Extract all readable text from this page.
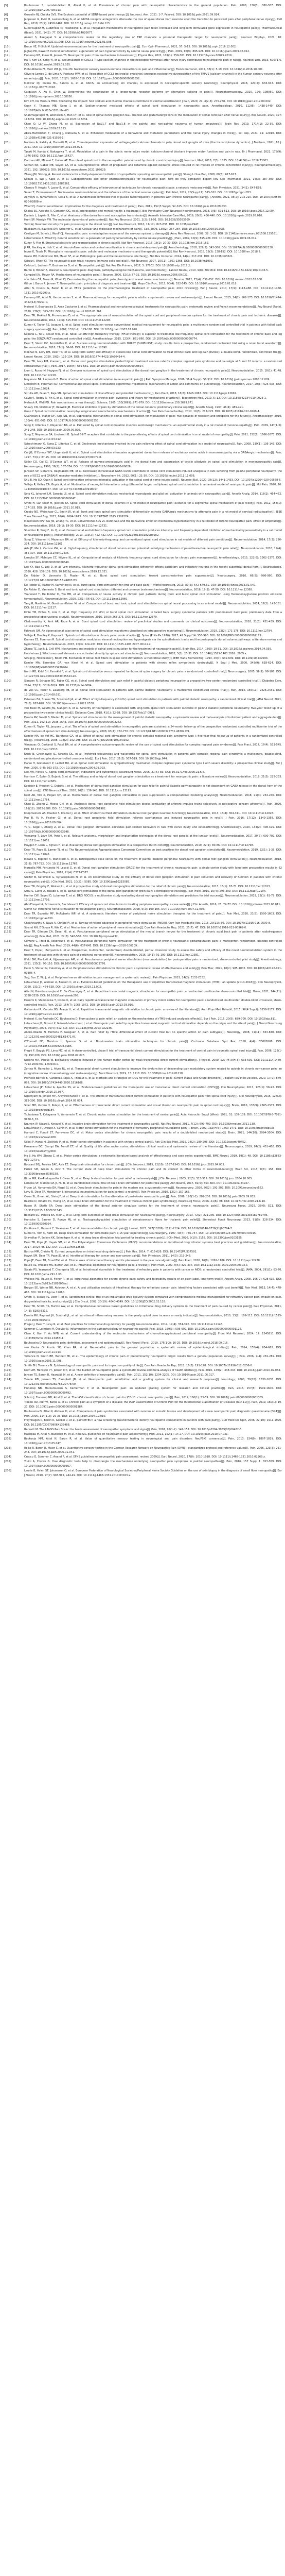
[5]	Boulanouar S, Lamdeb-Mitali M, Abaid K, et al. Prevalence of chronic pain with neuropathic characteristics in the general population. Pain, 2008, 136(3): 380-387. DOI: 10.1016/j.pain.2007.08.013.
[6]	Gosselin RJ, Chakka SVS. The Ecotoxic potential of SDNF-based pain therapy [J]. Neurosci, Ann. 2021: 1-7. Pain-ed. DOI: 10.1016/j.pain.2021.09.014.
[7]	Jeppesen G, Kvid M, Lauterschlag G, et al. NMDA receptor antagonists attenuate the loss of spinal dorsal horn neurons upon the transition to persistent pain after peripheral nerve injury[J]. Cell Rep, 2018, 23(9): 2458-2467. DOI: 10.1016/j.celrep.2018.04.123.
[8]	Kucer-Kupisz M, Cudzińska M, Paszkowski Ł, et al. Pregabalin mechanisms of neuropathic pain relief. Increased and long-term stimulated gene expression in neuropathic pain[J]. Pharmaceutical (Basel), 2021, 14(2): 77. DOI: 10.3390/ph14020077.
[9]	Anand S, Raegapal S. A comprehensive review on the regulatory role of TRP channels: a potential therapeutic target for neuropathic pain[J]. Neurosci Biophys, 2021, 18: 10.1016/j.neurot.2021.01.008. DOI: 10.1016/j.neurot.2021.01.008.
[10]	Braun HE, Frölich M. Updated recommendations for the treatment of neuropathic pain[J]. Curr Opin Pharmacol, 2021, 57: 5-15. DOI: 10.1016/j.coph.2016.12.002.
[11]	Jagtap PR, Rawat P. Central sensitization: a generator of pain hypersensitivity by central neural plasticity[J]. J Pain, 2009, 10(9): 895-926. DOI: 10.1016/j.jpain.2009.06.012.
[12]	Finnerup NB, Kuner R, Jensen TS. Neuropathic pain: from mechanisms to treatment[J]. Physiol Rev, 2021, 101(1): 259-301. DOI: 10.1152/physrev.00045.2019.
[13]	Ha P, Kim CY, Kang YJ, et al. Accumulation of Cav2.3 T-type calcium channels in the nociceptor terminals after nerve injury contributes to neuropathic pain in rats[J]. Neurosci Lett, 2015, 600: 1-6. DOI: 10.1016/j.neulet.2015.05.035.
[14]	Pinho-Ribeiro FA, Verri WA Jr, Chiu IM. Nociceptor sensory neuron-immune interactions in pain and inflammation[J]. Trends Immunol, 2017, 38(1): 5-19. DOI: 10.1016/j.it.2016.10.001.
[15]	Oliveira-Lemos G, de Lima-A, Fontana-MW, et al. Regulation of CCL3 (microglial cytokines) produces nociceptive dysregulation of the TRPV1 (calcium-channel) in the human sensory neurons after nerve injury[J]. Pain, 2020, 161(7): 1605-1618. DOI: 10.1097/j.pain.0000000000001852.
[16]	Mellivar DJ, Rivera ML, Santos A, et al. ASICS, an acid-sensing ion channel, is expressed in nociceptor-specific sensory neurons[J]. Neurophysiol, 2018, 120(2): 633-643. DOI: 10.1152/jn.00078.2018.
[17]	Calguyan A, Xu JJ, Chen W. Determining the contribution of a longer-range receptor isoforms by alternative splicing in pain[J]. Neuropharmacology, 2020, 170: 108050. DOI: 10.1016/j.neuropharm.2020.108050.
[18]	Kim CH, De Ventura HMR. Sheltering the impact: how sodium and chloride channels contribute to central sensitization? J Pain, 2020, 21: 4(2-3): 275-288. DOI: 10.1016/j.jpain.2019.09.002.
[19]	Guan Y, Thomas MB, Song J, et al. Sodium-channel mediated effects of spinal cord stimulation in neuropathic pain, Anesthesiology, 2010, 112(6): 1438-1449. DOI: 10.1097/ALN.0b013e3181d8ee03.
[20]	Shanmugarajah M, Weinstein A, Han CY, et al. Role of spinal nerve ganglion Na+ channel and glutamatergic ions in the modulation of spinal cord pain after nerve injury[J]. Exp Neurol, 2020, 327: 113234. DOI: 10.1016/j.expneurol.2020.113234.
[21]	Chen Q, Li W, Zhang M, et al. Expression of Nav1.7 and Nav1.8 in the painful and non-painful neuroma of human amputees[J]. Brain Res, 2019, 1714(1): 22-30. DOI: 10.1016/j.brainres.2019.02.023.
[22]	Abiru-Hambleton T, Chiang J, Matsuda S, et al. Enhanced modulation of a behavioral and metabolic parameters and the nerve injury changes in mice[J]. Sci Rep, 2021, 11: 12010. DOI: 10.1038/s41598-021-91590-1.
[23]	Nabisou A, Kalaky A, Dornetti M, et al. Time-dependent expression of voltage-gated calcium channels in pain dorsal root ganglia of mice (the transcriptome dynamics). J Biochem, 2021, 10 J: 2021. DOI: 10.1016/j.ibiochem.2021.03.024.
[24]	Tasaki M, Kanda Y, Nakagawa T, et al. Modulation of a pain in the sciatic nerve injury model: calcium-channel blockers improve motor function and pain in rats. Br J Pharmacol, 2021, 178(9): 1976-1992. DOI: 10.1111/bph.15427.
[25]	Darmani AH, Mirzaei F, Halimi AT. The role of spinal cord in the neuropathic pain induced by chronic constriction injury[J]. Neurosci, Med, 2016, 7(3): 1025. DOI: 10.4236/nm.2016.73003.
[26]	Sarhan RN, Gaber ME, Sayed ZA, et al. Neuroprotective effect of pregabalin and ketamine against oxidative stress induced in rat models of chronic constriction injury[J]. Neuropharmacology, 2021, 192: 108629. DOI: 10.1016/j.neuropharm.2021.108629.
[27]	Zhang JM, Strong JA. Recent evidence for activity-dependent initiation of sympathetic sprouting and neuropathic pain[J]. Sheng Li Xue Bao, 2008, 60(5): 617-627.
[28]	Kabadi R, Wu J, Kapil A, et al. Gabapentinoids and other pharmacotherapies for neuropathic pain: how do they compare? Expert Rev Clin Pharmacol, 2021, 14(3): 287-300. DOI: 10.1080/17512433.2021.1885361.
[29]	Chenoy P, Hewitt P, Lacey B, et al. Comparative efficacy of interventional techniques for chronic neuropathic pain: a network meta-analysis[J]. Pain Physician, 2021, 24(1): E47-E69.
[30]	Sauer T, Zimmermann C. Noninvasive neuromodulation and the influence of the central nervous system[J]. Pain Med, 2019, 20(Suppl 1): S15-S22. DOI: 10.1093/pm/pnz053.
[31]	Akiyoshi R, Yamamoto N, Ueda K, et al. A randomized controlled trial of pulsed radiofrequency in patients with chronic neuropathic pain[J]. J Anesth, 2021, 35(2): 203-210. DOI: 10.1007/s00540-020-02888-w.
[32]	Woolf CJ. Central sensitization: implications for the diagnosis and treatment of pain[J]. Pain, 2011, 152(3 Suppl): S2-S15. DOI: 10.1016/j.pain.2010.09.030.
[33]	Khalsa SS, Adolphs R, Cameron OG, et al. Interoception and mental health: a roadmap[J]. Biol Psychiatry Cogn Neurosci Neuroimaging, 2018, 3(6): 501-513. DOI: 10.1016/j.bpsc.2017.12.004.
[34]	Daniels L, Lapkin S, Fifer C, et al. Anatomy of the dorsal horn and nociceptive transmission[J]. Anaesth Intensive Care Med, 2019, 20(8): 436-440. DOI: 10.1016/j.mpaic.2019.05.010.
[35]	Hunt SP, Mantyh PW. The molecular dynamics of pain control[J]. Nat Rev Neurosci, 2001, 2(2): 83-91. DOI: 10.1038/35053509.
[36]	Todd AJ. Neuronal circuitry for pain processing in the dorsal horn[J]. Nat Rev Neurosci, 2010, 11(12): 823-836. DOI: 10.1038/nrn2947.
[37]	Basbaum AI, Bautista DM, Scherrer G, et al. Cellular and molecular mechanisms of pain[J]. Cell, 2009, 139(2): 267-284. DOI: 10.1016/j.cell.2009.09.028.
[38]	Costigan M, Scholz J, Woolf CJ. Neuropathic pain: a maladaptive response of the nervous system to damage[J]. Annu Rev Neurosci, 2009, 32: 1-32. DOI: 10.1146/annurev.neuro.051508.135531.
[39]	Latremoliere A, Woolf CJ. Central sensitization: a generator of pain hypersensitivity by central neural plasticity[J]. J Pain, 2009, 10(9): 895-926. DOI: 10.1016/j.jpain.2009.06.012.
[40]	Kuner R, Flor H. Structural plasticity and reorganisation in chronic pain[J]. Nat Rev Neurosci, 2016, 18(1): 20-30. DOI: 10.1038/nrn.2016.162.
[41]	Ji RR, Nackley A, Huh Y, et al. Neuroinflammation and central sensitization in chronic and widespread pain[J]. Anesthesiology, 2018, 129(2): 343-366. DOI: 10.1097/ALN.0000000000002130.
[42]	Inoue K, Tsuda M. Microglia in neuropathic pain: cellular and molecular mechanisms and therapeutic potential[J]. Nat Rev Neurosci, 2018, 19(3): 138-152. DOI: 10.1038/nrn.2018.2.
[43]	Grace PM, Hutchinson MR, Maier SF, et al. Pathological pain and the neuroimmune interface[J]. Nat Rev Immunol, 2014, 14(4): 217-231. DOI: 10.1038/nri3621.
[44]	Scholz J, Woolf CJ. The neuropathic pain triad: neurons, immune cells and glia[J]. Nat Neurosci, 2007, 10(11): 1361-1368. DOI: 10.1038/nn1992.
[45]	Colloca L, Ludman T, Bouhassira D, et al. Neuropathic pain[J]. Nat Rev Dis Primers, 2017, 3: 17002. DOI: 10.1038/nrdp.2017.2.
[46]	Baron R, Binder A, Wasner G. Neuropathic pain: diagnosis, pathophysiological mechanisms, and treatment[J]. Lancet Neurol, 2010, 9(8): 807-819. DOI: 10.1016/S1474-4422(10)70143-5.
[47]	Campbell JN, Meyer RA. Mechanisms of neuropathic pain[J]. Neuron, 2006, 52(1): 77-92. DOI: 10.1016/j.neuron.2006.09.021.
[48]	von Hehn CA, Baron R, Woolf CJ. Deconstructing the neuropathic pain phenotype to reveal neural mechanisms[J]. Neuron, 2012, 73(4): 638-652. DOI: 10.1016/j.neuron.2012.02.008.
[49]	Gilron I, Baron R, Jensen T. Neuropathic pain: principles of diagnosis and treatment[J]. Mayo Clin Proc, 2015, 90(4): 532-545. DOI: 10.1016/j.mayocp.2015.01.018.
[50]	Attal N, Cruccu G, Baron R, et al. EFNS guidelines on the pharmacological treatment of neuropathic pain: 2010 revision[J]. Eur J Neurol, 2010, 17(9): 1113-e88. DOI: 10.1111/j.1468-1331.2010.02999.x.
[51]	Finnerup NB, Attal N, Haroutounian S, et al. Pharmacotherapy for neuropathic pain in adults: a systematic review and meta-analysis[J]. Lancet Neurol, 2015, 14(2): 162-173. DOI: 10.1016/S1474-4422(14)70251-0.
[52]	Moisset X, Bouhassira D, Avez Couturier J, et al. Pharmacological and non-pharmacological treatments for neuropathic pain: systematic review and French recommendations[J]. Rev Neurol (Paris), 2020, 176(5): 325-352. DOI: 10.1016/j.neurol.2020.01.361.
[53]	Deer TR, Mekhail N, Provenzano D, et al. The appropriate use of neurostimulation of the spinal cord and peripheral nervous system for the treatment of chronic pain and ischemic diseases[J]. Neuromodulation, 2014, 17(6): 515-550. DOI: 10.1111/ner.12208.
[54]	Kumar K, Taylor RS, Jacques L, et al. Spinal cord stimulation versus conventional medical management for neuropathic pain: a multicentre randomised controlled trial in patients with failed back surgery syndrome[J]. Pain, 2007, 132(1-2): 179-188. DOI: 10.1016/j.pain.2007.07.028.
[55]	Kapural L, Yu C, Doust MW, et al. Novel 10-kHz high-frequency therapy (HF10 therapy) is superior to traditional low-frequency spinal cord stimulation for the treatment of chronic back and leg pain: the SENZA-RCT randomized controlled trial[J]. Anesthesiology, 2015, 123(4): 851-860. DOI: 10.1097/ALN.0000000000000774.
[56]	Deer T, Slavin KV, Amirdelfan K, et al. Success using neuromodulation with BURST (SUNBURST) study: results from a prospective, randomized controlled trial using a novel burst waveform[J]. Neuromodulation, 2018, 21(1): 56-66. DOI: 10.1111/ner.12698.
[57]	Mekhail N, Levy RM, Deer TR, et al. Long-term safety and efficacy of closed-loop spinal cord stimulation to treat chronic back and leg pain (Evoke): a double-blind, randomised, controlled trial[J]. Lancet Neurol, 2020, 19(2): 123-134. DOI: 10.1016/S1474-4422(19)30414-4.
[58]	Deer TR, Levy RM, Kramer J, et al. Dorsal root ganglion stimulation yielded higher treatment success rate for complex regional pain syndrome and causalgia at 3 and 12 months: a randomized comparative trial[J]. Pain, 2017, 158(4): 669-681. DOI: 10.1097/j.pain.0000000000000814.
[59]	Liem L, Russo M, Huygen FJ, et al. One-year outcomes of spinal cord stimulation of the dorsal root ganglion in the treatment of chronic neuropathic pain[J]. Neuromodulation, 2015, 18(1): 41-48. DOI: 10.1111/ner.12228.
[60]	Meyerson BA, Linderoth B. Mode of action of spinal cord stimulation in neuropathic pain[J]. J Pain Symptom Manage, 2006, 31(4 Suppl): S6-S12. DOI: 10.1016/j.jpainsymman.2005.12.009.
[61]	Linderoth B, Foreman RD. Conventional and novel spinal stimulation algorithms: hypothetical mechanisms of action and comments on outcomes[J]. Neuromodulation, 2017, 20(6): 525-533. DOI: 10.1111/ner.12624.
[62]	Sdrulla AD, Guan Y, Raja SN. Spinal cord stimulation: clinical efficacy and potential mechanisms[J]. Pain Pract, 2018, 18(8): 1048-1067. DOI: 10.1111/papr.12692.
[63]	Caylor J, Reddy R, Yin S, et al. Spinal cord stimulation in chronic pain: evidence and theory for mechanisms of action[J]. Bioelectron Med, 2019, 5: 12. DOI: 10.1186/s42234-019-0023-1.
[64]	Melzack R, Wall PD. Pain mechanisms: a new theory[J]. Science, 1965, 150(3699): 971-979. DOI: 10.1126/science.150.3699.971.
[65]	Shealy CN, Mortimer JT, Reswick JB. Electrical inhibition of pain by stimulation of the dorsal columns: preliminary clinical report[J]. Anesth Analg, 1967, 46(4): 489-491.
[66]	Guan Y. Spinal cord stimulation: neurophysiological and neurochemical mechanisms of action[J]. Curr Pain Headache Rep, 2012, 16(3): 217-225. DOI: 10.1007/s11916-012-0260-4.
[67]	Sivanesan E, Maher DP, Raja SN, et al. Supraspinal mechanisms of spinal cord stimulation for modulation of pain: five decades of research and prospects for the future[J]. Anesthesiology, 2019, 130(4): 651-665. DOI: 10.1097/ALN.0000000000002353.
[68]	Song Z, Ultenius C, Meyerson BA, et al. Pain relief by spinal cord stimulation involves serotonergic mechanisms: an experimental study in a rat model of mononeuropathy[J]. Pain, 2009, 147(1-3): 241-248. DOI: 10.1016/j.pain.2009.09.020.
[69]	Song Z, Meyerson BA, Linderoth B. Spinal 5-HT receptors that contribute to the pain-relieving effects of spinal cord stimulation in a rat model of neuropathy[J]. Pain, 2011, 152(7): 1666-1673. DOI: 10.1016/j.pain.2011.03.012.
[70]	Schechtmann G, Song Z, Ultenius C, et al. Cholinergic mechanisms involved in the pain relieving effect of spinal cord stimulation in a model of neuropathy[J]. Pain, 2008, 139(1): 136-145. DOI: 10.1016/j.pain.2008.03.023.
[71]	Cui JG, O'Connor WT, Ungerstedt U, et al. Spinal cord stimulation attenuates augmented dorsal horn release of excitatory amino acids in mononeuropathy via a GABAergic mechanism[J]. Pain, 1997, 73(1): 87-95. DOI: 10.1016/s0304-3959(97)00077-8.
[72]	Stiller CO, Cui JG, O'Connor WT, et al. Release of gamma-aminobutyric acid in the dorsal horn and suppression of tactile allodynia by spinal cord stimulation in mononeuropathic rats[J]. Neurosurgery, 1996, 39(2): 367-374. DOI: 10.1097/00006123-199608000-00026.
[73]	Janssen SP, Gerard S, Raijmakers ME, et al. Decreased intracellular GABA levels contribute to spinal cord stimulation-induced analgesia in rats suffering from painful peripheral neuropathy: the role of KCC2 and GABA(A) receptor-mediated inhibition[J]. Neurochem Int, 2012, 60(1): 21-30. DOI: 10.1016/j.neuint.2011.11.006.
[74]	Shu B, He SQ, Guan Y. Spinal cord stimulation enhances microglial activation in the spinal cord of nerve-injured rats[J]. Neurosci Bull, 2020, 36(12): 1441-1453. DOI: 10.1007/s12264-020-00568-6.
[75]	Vallejo R, Kelley CA, Gupta A, et al. Modulation of neuroglial interactions using differential target multiplexed spinal cord stimulation in an animal model of neuropathic pain[J]. Mol Pain, 2020, 16: 1744806920918057. DOI: 10.1177/1744806920918057.
[76]	Sato KL, Johanek LM, Sanada LS, et al. Spinal cord stimulation reduces mechanical hyperalgesia and glial cell activation in animals with neuropathic pain[J]. Anesth Analg, 2014, 118(2): 464-472. DOI: 10.1213/ANE.0000000000000047.
[77]	Smits H, van Kleef M, Joosten EA. Spinal cord stimulation of dorsal columns in a rat model of neuropathic pain: evidence for a segmental spinal mechanism of pain relief[J]. Pain, 2012, 153(1): 177-183. DOI: 10.1016/j.pain.2011.10.015.
[78]	Crosby ND, Weisshaar CL, Smith JR, et al. Burst and tonic spinal cord stimulation differentially activate GABAergic mechanisms to attenuate pain in a rat model of cervical radiculopathy[J]. IEEE Trans Biomed Eng, 2015, 62(6): 1604-1613. DOI: 10.1109/TBME.2015.2399374.
[79]	Meuwissen KPV, Gu JW, Zhang TC, et al. Conventional-SCS vs. burst-SCS and the behavioral effect on mechanical hypersensitivity in a rat model of chronic neuropathic pain: effect of amplitude[J]. Neuromodulation, 2018, 21(1): 19-30. DOI: 10.1111/ner.12731.
[80]	Shechter R, Yang F, Xu Q, et al. Conventional and kilohertz-frequency spinal cord stimulation produces intensity- and frequency-dependent inhibition of mechanical hypersensitivity in a rat model of neuropathic pain[J]. Anesthesiology, 2013, 119(2): 422-432. DOI: 10.1097/ALN.0b013e31829bd9e2.
[81]	Song Z, Viisanen H, Meyerson BA, et al. Efficacy of kilohertz-frequency and conventional spinal cord stimulation in rat models of different pain conditions[J]. Neuromodulation, 2014, 17(3): 226-234. DOI: 10.1111/ner.12161.
[82]	Arle JE, Mei L, Carlson KW, et al. High-frequency stimulation of dorsal column axons: potential underlying mechanism of paresthesia-free neuropathic pain relief[J]. Neuromodulation, 2016, 19(4): 385-397. DOI: 10.1111/ner.12436.
[83]	Lempka SF, McIntyre CC, Kilgore KL, et al. Computational analysis of kilohertz frequency spinal cord stimulation for chronic pain management[J]. Anesthesiology, 2015, 122(6): 1362-1376. DOI: 10.1097/ALN.0000000000000649.
[84]	Lee KY, Bae C, Lee D, et al. Low-intensity, kilohertz frequency spinal cord stimulation differently affects excitatory and inhibitory neurons in the rodent superficial dorsal horn[J]. Neuroscience, 2020, 428: 132-139. DOI: 10.1016/j.neuroscience.2019.12.031.
[85]	De Ridder D, Vanneste S, Plazier M, et al. Burst spinal cord stimulation: toward paresthesia-free pain suppression[J]. Neurosurgery, 2010, 66(5): 986-990. DOI: 10.1227/01.NEU.0000368153.44883.B3.
[86]	De Ridder D, Plazier M, Kamerling N, et al. Burst spinal cord stimulation for limb and back pain[J]. World Neurosurg, 2013, 80(5): 642-649.e1. DOI: 10.1016/j.wneu.2013.01.040.
[87]	De Ridder D, Vanneste S. Burst and tonic spinal cord stimulation: different and common brain mechanisms[J]. Neuromodulation, 2016, 19(1): 47-59. DOI: 10.1111/ner.12368.
[88]	Yearwood T, De Ridder D, Yoo HB, et al. Comparison of neural activity in chronic pain patients during tonic and burst spinal cord stimulation using fluorodeoxyglucose positron emission tomography[J]. Neuromodulation, 2020, 23(1): 56-63. DOI: 10.1111/ner.12960.
[89]	Tang R, Martinez M, Goodman-Keiser M, et al. Comparison of burst and tonic spinal cord stimulation on spinal neural processing in an animal model[J]. Neuromodulation, 2014, 17(2): 143-151. DOI: 10.1111/ner.12117.
[90]	Kinfe TM, Pintea B, Link C, et al. High frequency (10 kHz) or burst spinal cord stimulation in failed back surgery syndrome patients with predominant back pain: preliminary data from a prospective observational study[J]. Neuromodulation, 2016, 19(3): 268-275. DOI: 10.1111/ner.12379.
[91]	Chakravarthy K, Kent AR, Raza A, et al. Burst spinal cord stimulation: review of preclinical studies and comments on clinical outcomes[J]. Neuromodulation, 2018, 21(5): 431-439. DOI: 10.1111/ner.12756.
[92]	Falowski SM. An observational case series of spinal cord stimulation waveforms visualized on intraoperative monitoring[J]. Neuromodulation, 2019, 22(2): 171-178. DOI: 10.1111/ner.12784.
[93]	Vallejo R, Bradley K, Kapural L. Spinal cord stimulation in chronic pain: mode of action[J]. Spine (Phila Pa 1976), 2017, 42 Suppl 14: S53-S60. DOI: 10.1097/BRS.0000000000002179.
[94]	Krames ES, Foreman R. Spinal cord stimulation modulates visceral nociception and hyperalgesia via the spinothalamic tracts and the postsynaptic dorsal column pathways: a literature review and hypothesis[J]. Neuromodulation, 2007, 10(3): 224-237. DOI: 10.1111/j.1525-1403.2007.00112.x.
[95]	Zhang TC, Janik JJ, Grill WM. Mechanisms and models of spinal cord stimulation for the treatment of neuropathic pain[J]. Brain Res, 2014, 1569: 19-31. DOI: 10.1016/j.brainres.2014.04.039.
[96]	Holsheimer J. Which neuronal elements are activated directly by spinal cord stimulation[J]. Neuromodulation, 2002, 5(1): 25-31. DOI: 10.1046/j.1525-1403.2002._2005.x.
[97]	Struijk JJ, Holsheimer J, Boom HB. Excitation of dorsal root fibers in spinal cord stimulation: a theoretical study[J]. IEEE Trans Biomed Eng, 1993, 40(7): 632-639. DOI: 10.1109/10.237693.
[98]	Kemler MA, Barendse GA, van Kleef M, et al. Spinal cord stimulation in patients with chronic reflex sympathetic dystrophy[J]. N Engl J Med, 2000, 343(9): 618-624. DOI: 10.1056/NEJM200008313430904.
[99]	North RB, Kidd DH, Farrokhi F, et al. Spinal cord stimulation versus repeated lumbosacral spine surgery for chronic pain: a randomized, controlled trial[J]. Neurosurgery, 2005, 56(1): 98-106. DOI: 10.1227/01.neu.0000144839.65524.e0.
[100]	Slangen R, Schaper NC, Faber CG, et al. Spinal cord stimulation and pain relief in painful diabetic peripheral neuropathy: a prospective two-center randomized controlled trial[J]. Diabetes Care, 2014, 37(11): 3016-3024. DOI: 10.2337/dc14-0684.
[101]	de Vos CC, Meier K, Zaalberg PB, et al. Spinal cord stimulation in patients with painful diabetic neuropathy: a multicentre randomized clinical trial[J]. Pain, 2014, 155(11): 2426-2431. DOI: 10.1016/j.pain.2014.08.031.
[102]	Petersen EA, Stauss TG, Scowcroft JA, et al. Effect of high-frequency (10-kHz) spinal cord stimulation in patients with painful diabetic neuropathy: a randomized clinical trial[J]. JAMA Neurol, 2021, 78(6): 687-698. DOI: 10.1001/jamaneurol.2021.0538.
[103]	van Beek M, Geurts JW, Slangen R, et al. Severity of neuropathy is associated with long-term spinal cord stimulation outcome in painful diabetic peripheral neuropathy: five-year follow-up of a prospective two-center clinical trial[J]. Diabetes Care, 2018, 41(1): 32-38. DOI: 10.2337/dc17-0983.
[104]	Duarte RV, Nevitt S, Maden M, et al. Spinal cord stimulation for the management of painful diabetic neuropathy: a systematic review and meta-analysis of individual patient and aggregate data[J]. Pain, 2021, 162(11): 2635-2643. DOI: 10.1097/j.pain.0000000000002262.
[105]	Kumar K, Taylor RS, Jacques L, et al. The effects of spinal cord stimulation in neuropathic pain are sustained: a 24-month follow-up of the prospective randomized controlled multicenter trial of the effectiveness of spinal cord stimulation[J]. Neurosurgery, 2008, 63(4): 762-770. DOI: 10.1227/01.NEU.0000325731.46702.D9.
[106]	Kemler MA, de Vet HC, Barendse GA, et al. Effect of spinal cord stimulation for chronic complex regional pain syndrome type I: five-year final follow-up of patients in a randomized controlled trial[J]. J Neurosurg, 2008, 108(2): 292-298. DOI: 10.3171/JNS/2008/108/2/0292.
[107]	Visnjevac O, Costandi S, Patel BA, et al. A comprehensive outcome-specific review of the use of spinal cord stimulation for complex regional pain syndrome[J]. Pain Pract, 2017, 17(4): 533-545. DOI: 10.1111/papr.12513.
[108]	Kriek N, Groeneweg JG, Stronks DL, et al. Preferred frequencies and waveforms for spinal cord stimulation in patients with complex regional pain syndrome: a multicentre, double-blind, randomized and placebo-controlled crossover trial[J]. Eur J Pain, 2017, 21(3): 507-519. DOI: 10.1002/ejp.944.
[109]	Harke H, Gretenkort P, Ladleif HU, et al. Spinal cord stimulation in sympathetically maintained complex regional pain syndrome type I with severe disability: a prospective clinical study[J]. Eur J Pain, 2005, 9(4): 363-373. DOI: 10.1016/j.ejpain.2004.09.003.
[110]	Lee AW, Pilitsis JG. Spinal cord stimulation: indications and outcomes[J]. Neurosurg Focus, 2006, 21(6): E3. DOI: 10.3171/foc.2006.21.6.6.
[111]	Harrison C, Epton S, Bojanic S, et al. The efficacy and safety of dorsal root ganglion stimulation as a treatment for neuropathic pain: a literature review[J]. Neuromodulation, 2018, 21(3): 225-233. DOI: 10.1111/ner.12685.
[112]	Koetsier E, Franken G, Debets J, et al. Mechanism of dorsal root ganglion stimulation for pain relief in painful diabetic polyneuropathy is not dependent on GABA release in the dorsal horn of the spinal cord[J]. CNS Neurosci Ther, 2020, 26(1): 136-143. DOI: 10.1111/cns.13192.
[113]	Kent AR, Min X, Hogan QH, et al. Mechanisms of dorsal root ganglion stimulation in pain suppression: a computational modeling analysis[J]. Neuromodulation, 2018, 21(3): 234-246. DOI: 10.1111/ner.12754.
[114]	Chao D, Zhang Z, Mecca CM, et al. Analgesic dorsal root ganglionic field stimulation blocks conduction of afferent impulse trains selectively in nociceptive sensory afferents[J]. Pain, 2020, 161(12): 2872-2886. DOI: 10.1097/j.pain.0000000000001982.
[115]	Koopmeiners AS, Mueller S, Kramer J, et al. Effect of electrical field stimulation on dorsal root ganglion neuronal function[J]. Neuromodulation, 2013, 16(4): 304-311. DOI: 10.1111/ner.12028.
[116]	Pan B, Yu H, Fischer GJ, et al. Dorsal root ganglionic field stimulation relieves spontaneous and induced neuropathic pain in rats[J]. J Pain, 2016, 17(12): 1349-1358. DOI: 10.1016/j.jpain.2016.09.004.
[117]	Yu G, Segel I, Zhang Z, et al. Dorsal root ganglion stimulation alleviates pain-related behaviors in rats with nerve injury and osteoarthritis[J]. Anesthesiology, 2020, 133(2): 408-425. DOI: 10.1097/ALN.0000000000003348.
[118]	Vancamp T, Levy RM, Peña I, et al. Relevant anatomy, morphology, and implantation techniques of the dorsal root ganglia at the lumbar levels[J]. Neuromodulation, 2017, 20(7): 690-702. DOI: 10.1111/ner.12651.
[119]	Huygen F, Liem L, Nijhuis H, et al. Evaluating dorsal root ganglion stimulation in a prospective Dutch cohort[J]. Neuromodulation, 2019, 22(1): 80-86. DOI: 10.1111/ner.12798.
[120]	Deer TR, Pope JE, Lamer TJ, et al. The Neuromodulation Appropriateness Consensus Committee on best practices for dorsal root ganglion stimulation[J]. Neuromodulation, 2019, 22(1): 1-35. DOI: 10.1111/ner.12845.
[121]	Eldabe S, Espinet A, Wahlstedt A, et al. Retrospective case series on the treatment of painful diabetic peripheral neuropathy with dorsal root ganglion stimulation[J]. Neuromodulation, 2018, 21(8): 787-792. DOI: 10.1111/ner.12767.
[122]	Morgalla MH, Fortunato M, Lepski G, et al. Dorsal root ganglion stimulation (DRGS) for the treatment of chronic neuropathic pain: a single-center study with long-term prospective results in 62 cases[J]. Pain Physician, 2018, 21(4): E377-E387.
[123]	Stelter B, Karavasili G, Kyriakopoulos N, et al. An observational study on the efficacy of dorsal root ganglion stimulation in pain reduction and recovery of function in patients with chronic neuropathic pain[J]. J Clin Med, 2021, 10(21): 5085. DOI: 10.3390/jcm10215085.
[124]	Deer TR, Grigsby E, Weiner RL, et al. A prospective study of dorsal root ganglion stimulation for the relief of chronic pain[J]. Neuromodulation, 2013, 16(1): 67-71. DOI: 10.1111/ner.12013.
[125]	Schu S, Gulve A, ElDabe S, et al. Spinal cord stimulation of the dorsal root ganglion for groin pain: a retrospective review[J]. Pain Pract, 2015, 15(4): 293-299. DOI: 10.1111/papr.12194.
[126]	Hunter CW, Sayed D, Lubenow T, et al. DRG FOCUS: a multicenter study evaluating dorsal root ganglion stimulation and predictors for trial success[J]. Neuromodulation, 2019, 22(1): 61-79. DOI: 10.1111/ner.12796.
[127]	Abd-Elsayed A, Schiavoni N, Sachdeva H. Efficacy of spinal cord stimulators in treating peripheral neuropathy: a case series[J]. J Clin Anesth, 2016, 28: 74-77. DOI: 10.1016/j.jclinane.2015.08.011.
[128]	Slavin KV. Peripheral nerve stimulation for neuropathic pain[J]. Neurotherapeutics, 2008, 5(1): 100-106. DOI: 10.1016/j.nurt.2007.11.005.
[129]	Deer TR, Esposito MF, McRoberts WP, et al. A systematic literature review of peripheral nerve stimulation therapies for the treatment of pain[J]. Pain Med, 2020, 21(8): 1590-1603. DOI: 10.1093/pm/pnaa030.
[130]	Chakravarthy K, Nava A, Christo PJ, et al. Review of recent advances in peripheral nerve stimulation (PNS)[J]. Curr Pain Headache Rep, 2016, 20(11): 60. DOI: 10.1007/s11916-016-0590-8.
[131]	Strand NH, D'Souza R, Wie C, et al. Mechanism of action of peripheral nerve stimulation[J]. Curr Pain Headache Rep, 2021, 25(7): 47. DOI: 10.1007/s11916-021-00962-0.
[132]	Deer TR, Gilmore CA, Desai MJ, et al. Percutaneous peripheral nerve stimulation of the medial branch nerves for the treatment of chronic axial back pain in patients after radiofrequency ablation[J]. Pain Med, 2021, 22(3): 548-560. DOI: 10.1093/pm/pnaa432.
[133]	Gilmore C, Ilfeld B, Rosenow J, et al. Percutaneous peripheral nerve stimulation for the treatment of chronic neuropathic postamputation pain: a multicenter, randomized, placebo-controlled trial[J]. Reg Anesth Pain Med, 2019, 44(6): 637-645. DOI: 10.1136/rapm-2018-100109.
[134]	Deer T, Pope J, Benyamin R, et al. Prospective, multicenter, randomized, double-blinded, partial crossover study to assess the safety and efficacy of the novel neuromodulation system in the treatment of patients with chronic pain of peripheral nerve origin[J]. Neuromodulation, 2016, 19(1): 91-100. DOI: 10.1111/ner.12381.
[135]	Ilfeld BM, Plunkett A, Vijjeswarapu AM, et al. Percutaneous peripheral nerve stimulation (neuromodulation) for postoperative pain: a randomized, sham-controlled pilot study[J]. Anesthesiology, 2021, 135(1): 95-110. DOI: 10.1097/ALN.0000000000003776.
[136]	Helm S, Shirsat N, Calodney A, et al. Peripheral nerve stimulation for chronic pain: a systematic review of effectiveness and safety[J]. Pain Ther, 2021, 10(2): 985-1002. DOI: 10.1007/s40122-021-00306-4.
[137]	Xu J, Sun Z, Wu J, et al. Peripheral nerve stimulation in pain management: a systematic review[J]. Pain Physician, 2021, 24(2): E131-E152.
[138]	Lefaucheur JP, Aleman A, Baeken C, et al. Evidence-based guidelines on the therapeutic use of repetitive transcranial magnetic stimulation (rTMS): an update (2014-2018)[J]. Clin Neurophysiol, 2020, 131(2): 474-528. DOI: 10.1016/j.clinph.2019.11.002.
[139]	Attal N, Poindessous-Jazat F, De Chauvigny E, et al. Repetitive transcranial magnetic stimulation for neuropathic pain: a randomized multicentre sham-controlled trial[J]. Brain, 2021, 144(11): 3328-3339. DOI: 10.1093/brain/awab208.
[140]	Hosomi K, Shimokawa T, Ikoma K, et al. Daily repetitive transcranial magnetic stimulation of primary motor cortex for neuropathic pain: a randomized, multicenter, double-blind, crossover, sham-controlled trial[J]. Pain, 2013, 154(7): 1065-1072. DOI: 10.1016/j.pain.2013.03.016.
[141]	Galhardoni R, Correia GS, Araujo H, et al. Repetitive transcranial magnetic stimulation in chronic pain: a review of the literature[J]. Arch Phys Med Rehabil, 2015, 96(4 Suppl): S156-S172. DOI: 10.1016/j.apmr.2014.11.010.
[142]	Moisset X, de Andrade DC, Bouhassira D. From pulses to pain relief: an update on the mechanisms of rTMS-induced analgesic effects[J]. Eur J Pain, 2016, 20(5): 689-700. DOI: 10.1002/ejp.811.
[143]	Lefaucheur JP, Drouot X, Ménard-Lefaucheur I, et al. Neurogenic pain relief by repetitive transcranial magnetic cortical stimulation depends on the origin and the site of pain[J]. J Neurol Neurosurg Psychiatry, 2004, 75(4): 612-616. DOI: 10.1136/jnnp.2003.022236.
[144]	André-Obadia N, Mertens P, Gueguen A, et al. Pain relief by rTMS: differential effect of current flow but no specific action on pain subtypes[J]. Neurology, 2008, 71(11): 833-840. DOI: 10.1212/01.wnl.0000325481.61471.f0.
[145]	O'Connell NE, Marston L, Spencer S, et al. Non-invasive brain stimulation techniques for chronic pain[J]. Cochrane Database Syst Rev, 2018, 4(4): CD008208. DOI: 10.1002/14651858.CD008208.pub5.
[146]	Fregni F, Boggio PS, Lima MC, et al. A sham-controlled, phase II trial of transcranial direct current stimulation for the treatment of central pain in traumatic spinal cord injury[J]. Pain, 2006, 122(1-2): 197-209. DOI: 10.1016/j.pain.2006.02.023.
[147]	Nitsche MA, Paulus W. Excitability changes induced in the human motor cortex by weak transcranial direct current stimulation[J]. J Physiol, 2000, 527 Pt 3(Pt 3): 633-639. DOI: 10.1111/j.1469-7793.2000.t01-1-00633.x.
[148]	Zortea M, Ramalho L, Alves RL, et al. Transcranial direct current stimulation to improve the dysfunction of descending pain modulatory system related to opioids in chronic non-cancer pain: an integrative review of neurobiology and meta-analysis[J]. Front Neurosci, 2019, 13: 1218. DOI: 10.3389/fnins.2019.01218.
[149]	Pacheco-Barrios K, Cardenas-Rojas A, Thibaut A, et al. Methods and strategies of tDCS for the treatment of pain: current status and future directions[J]. Expert Rev Med Devices, 2020, 17(9): 879-898. DOI: 10.1080/17434440.2020.1816168.
[150]	Lefaucheur JP, Antal A, Ayache SS, et al. Evidence-based guidelines on the therapeutic use of transcranial direct current stimulation (tDCS)[J]. Clin Neurophysiol, 2017, 128(1): 56-92. DOI: 10.1016/j.clinph.2016.10.087.
[151]	Ngernyam N, Jensen MP, Arayawichanon P, et al. The effects of transcranial direct current stimulation in patients with neuropathic pain from spinal cord injury[J]. Clin Neurophysiol, 2015, 126(2): 382-390. DOI: 10.1016/j.clinph.2014.05.034.
[152]	Soler MD, Kumru H, Pelayo R, et al. Effectiveness of transcranial direct current stimulation and visual illusion on neuropathic pain in spinal cord injury[J]. Brain, 2010, 133(9): 2565-2577. DOI: 10.1093/brain/awq184.
[153]	Tsubokawa T, Katayama Y, Yamamoto T, et al. Chronic motor cortex stimulation for the treatment of central pain[J]. Acta Neurochir Suppl (Wien), 1991, 52: 137-139. DOI: 10.1007/978-3-7091-9160-6_37.
[154]	Nguyen JP, Nizard J, Keravel Y, et al. Invasive brain stimulation for the treatment of neuropathic pain[J]. Nat Rev Neurol, 2011, 7(12): 699-709. DOI: 10.1038/nrneurol.2011.138.
[155]	Lefaucheur JP, Drouot X, Cunin P, et al. Motor cortex stimulation for the treatment of refractory peripheral neuropathic pain[J]. Brain, 2009, 132(Pt 6): 1463-1471. DOI: 10.1093/brain/awp035.
[156]	Hamani C, Fonoff ET, Parravano DC, et al. Motor cortex stimulation for chronic neuropathic pain: results of a double-blind randomized study[J]. Brain, 2021, 144(10): 2994-3004. DOI: 10.1093/brain/awab189.
[157]	Sokal P, Harat M, Zieliński P, et al. Motor cortex stimulation in patients with chronic central pain[J]. Adv Clin Exp Med, 2015, 24(2): 289-296. DOI: 10.17219/acem/40452.
[158]	Parravano DC, Ciampi DA, Fonoff ET, et al. Quality of life after motor cortex stimulation: clinical results and systematic review of the literature[J]. Neurosurgery, 2019, 84(2): 451-456. DOI: 10.1093/neuros/nyy060.
[159]	Mo JJ, Hu WH, Zhang C, et al. Motor cortex stimulation: a systematic literature-based analysis of effectiveness and case series experience[J]. BMC Neurol, 2019, 19(1): 48. DOI: 10.1186/s12883-019-1273-y.
[160]	Boccard SGJ, Pereira EAC, Aziz TZ. Deep brain stimulation for chronic pain[J]. J Clin Neurosci, 2015, 22(10): 1537-1543. DOI: 10.1016/j.jocn.2015.04.005.
[161]	Farrell SM, Green A, Aziz T. The current state of deep brain stimulation for chronic pain and its context in other forms of neuromodulation[J]. Brain Sci, 2018, 8(8): 158. DOI: 10.3390/brainsci8080158.
[162]	Bittar RG, Kar-Purkayastha I, Owen SL, et al. Deep brain stimulation for pain relief: a meta-analysis[J]. J Clin Neurosci, 2005, 12(5): 515-519. DOI: 10.1016/j.jocn.2004.10.005.
[163]	Lempka SF, Malone DA Jr, Hu B, et al. Randomized clinical trial of deep brain stimulation for poststroke pain[J]. Ann Neurol, 2017, 81(5): 653-663. DOI: 10.1002/ana.24927.
[164]	Frizon LA, Yamamoto EA, Nagel SJ, et al. Deep brain stimulation for pain in the modern era: a systematic review[J]. Neurosurgery, 2020, 86(2): 191-202. DOI: 10.1093/neuros/nyy552.
[165]	Levy R, Deer TR, Henderson J. Intracranial neurostimulation for pain control: a review[J]. Pain Physician, 2010, 13(2): 157-165.
[166]	Owen SL, Green AL, Stein JF, et al. Deep brain stimulation for the alleviation of post-stroke neuropathic pain[J]. Pain, 2006, 120(1-2): 202-206. DOI: 10.1016/j.pain.2005.09.035.
[167]	Rasche D, Rinaldi PC, Young RF, et al. Deep brain stimulation for the treatment of various chronic pain syndromes[J]. Neurosurg Focus, 2006, 21(6): E8. DOI: 10.3171/foc.2006.21.6.10.
[168]	Russo JF, Sheth SA. Deep brain stimulation of the dorsal anterior cingulate cortex for the treatment of chronic neuropathic pain[J]. Neurosurg Focus, 2015, 38(6): E11. DOI: 10.3171/2015.3.FOCUS1543.
[169]	Boccard SG, Pereira EA, Moir L, et al. Long-term outcomes of deep brain stimulation for neuropathic pain[J]. Neurosurgery, 2013, 72(2): 221-230. DOI: 10.1227/NEU.0b013e31827b97d6.
[170]	Hunsche S, Sauner D, Runge MJ, et al. Tractography-guided stimulation of somatosensory fibers for thalamic pain relief[J]. Stereotact Funct Neurosurg, 2013, 91(5): 328-334. DOI: 10.1159/000350024.
[171]	Knotkova H, Hamani C, Sivanesan E, et al. Neuromodulation for chronic pain[J]. Lancet, 2021, 397(10289): 2111-2124. DOI: 10.1016/S0140-6736(21)00794-7.
[172]	Kumar K, Toth C, Nath RK. Deep brain stimulation for intractable pain: a 15-year experience[J]. Neurosurgery, 1997, 40(4): 736-747. DOI: 10.1097/00006123-199704000-00015.
[173]	Shirvalkar P, Sellers KK, Schmitgen A, et al. A deep brain stimulation trial period for treating chronic pain[J]. J Clin Med, 2020, 9(10): 3155. DOI: 10.3390/jcm9103155.
[174]	Deer TR, Pope JE, Hayek SM, et al. The Polyanalgesic Consensus Conference (PACC): recommendations on intrathecal drug infusion systems best practices and guidelines[J]. Neuromodulation, 2017, 20(2): 96-132. DOI: 10.1111/ner.12538.
[175]	Bottros MM, Christo PJ. Current perspectives on intrathecal drug delivery[J]. J Pain Res, 2014, 7: 615-626. DOI: 10.2147/JPR.S37591.
[176]	Hayek SM, Deer TR, Pope JE, et al. Intrathecal therapy for cancer and non-cancer pain[J]. Pain Physician, 2011, 14(3): 219-248.
[177]	Pope JE, Deer TR, Bruel BM, et al. Clinical uses of intrathecal therapy and its placement in the pain care algorithm[J]. Pain Pract, 2016, 16(8): 1092-1106. DOI: 10.1111/papr.12438.
[178]	Rauck RL, Wallace MS, Burton AW, et al. Intrathecal ziconotide for neuropathic pain: a review[J]. Pain Pract, 2009, 9(5): 327-337. DOI: 10.1111/j.1533-2500.2009.00303.x.
[179]	Staats PS, Yearwood T, Charapata SG, et al. Intrathecal ziconotide in the treatment of refractory pain in patients with cancer or AIDS: a randomized controlled trial[J]. JAMA, 2004, 291(1): 63-70. DOI: 10.1001/jama.291.1.63.
[180]	Wallace MS, Rauck R, Fisher R, et al. Intrathecal ziconotide for severe chronic pain: safety and tolerability results of an open-label, long-term trial[J]. Anesth Analg, 2008, 106(2): 628-637. DOI: 10.1213/ane.0b013e3181606fad.
[181]	Brogan SE, Winter NB, Abiodun A, et al. A cost utilization analysis of intrathecal therapy for refractory cancer pain: identifying factors associated with cost benefit[J]. Pain Med, 2013, 14(4): 478-486. DOI: 10.1111/pme.12060.
[182]	Smith TJ, Staats PS, Deer T, et al. Randomized clinical trial of an implantable drug delivery system compared with comprehensive medical management for refractory cancer pain: impact on pain, drug-related toxicity, and survival[J]. J Clin Oncol, 2002, 20(19): 4040-4049. DOI: 10.1200/JCO.2002.02.118.
[183]	Deer TR, Smith HS, Burton AW, et al. Comprehensive consensus based guidelines on intrathecal drug delivery systems in the treatment of pain caused by cancer pain[J]. Pain Physician, 2011, 14(3): E283-E312.
[184]	Duarte RV, Raphael JH, Southall JL, et al. Intrathecal inflammatory masses: is the yearly opioid dose increase an early indicator[J]. Neuromodulation, 2010, 13(2): 109-113. DOI: 10.1111/j.1525-1403.2009.00259.x.
[185]	Prager J, Deer T, Levy R, et al. Best practices for intrathecal drug delivery for pain[J]. Neuromodulation, 2014, 17(4): 354-372. DOI: 10.1111/ner.12146.
[186]	Sommer C, Leinders M, Üçeyler N. Inflammation in the pathophysiology of neuropathic pain[J]. Pain, 2018, 159(3): 595-602. DOI: 10.1097/j.pain.0000000000001122.
[187]	Chen X, Gan Y, Au NPB, et al. Current understanding of the molecular mechanisms of chemotherapy-induced peripheral neuropathy[J]. Front Mol Neurosci, 2024, 17: 1345811. DOI: 10.3389/fnmol.2024.1345811.
[188]	Bouhassira D. Neuropathic pain: definition, assessment and epidemiology[J]. Rev Neurol (Paris), 2019, 175(1-2): 16-25. DOI: 10.1016/j.neurol.2018.09.016.
[189]	van Hecke O, Austin SK, Khan RA, et al. Neuropathic pain in the general population: a systematic review of epidemiological studies[J]. Pain, 2014, 155(4): 654-662. DOI: 10.1016/j.pain.2013.11.013.
[190]	Torrance N, Smith BH, Bennett MI, et al. The epidemiology of chronic pain of predominantly neuropathic origin: results from a general population survey[J]. J Pain, 2006, 7(4): 281-289. DOI: 10.1016/j.jpain.2005.11.008.
[191]	Smith BH, Torrance N. Epidemiology of neuropathic pain and its impact on quality of life[J]. Curr Pain Headache Rep, 2012, 16(3): 191-198. DOI: 10.1007/s11916-012-0256-0.
[192]	Doth AH, Hansson PT, Jensen MP, et al. The burden of neuropathic pain: a systematic review and meta-analysis of health utilities[J]. Pain, 2010, 149(2): 338-344. DOI: 10.1016/j.pain.2010.02.034.
[193]	Jensen TS, Baron R, Haanpää M, et al. A new definition of neuropathic pain[J]. Pain, 2011, 152(10): 2204-2205. DOI: 10.1016/j.pain.2011.06.017.
[194]	Treede RD, Jensen TS, Campbell JN, et al. Neuropathic pain: redefinition and a grading system for clinical and research purposes[J]. Neurology, 2008, 70(18): 1630-1635. DOI: 10.1212/01.wnl.0000282763.29778.59.
[195]	Finnerup NB, Haroutounian S, Kamerman P, et al. Neuropathic pain: an updated grading system for research and clinical practice[J]. Pain, 2016, 157(8): 1599-1606. DOI: 10.1097/j.pain.0000000000000492.
[196]	Scholz J, Finnerup NB, Attal N, et al. The IASP classification of chronic pain for ICD-11: chronic neuropathic pain[J]. Pain, 2019, 160(1): 53-59. DOI: 10.1097/j.pain.0000000000001365.
[197]	Treede RD, Rief W, Barke A, et al. Chronic pain as a symptom or a disease: the IASP Classification of Chronic Pain for the International Classification of Diseases (ICD-11)[J]. Pain, 2019, 160(1): 19-27. DOI: 10.1097/j.pain.0000000000001384.
[198]	Bouhassira D, Attal N, Alchaar H, et al. Comparison of pain syndromes associated with nervous or somatic lesions and development of a new neuropathic pain diagnostic questionnaire (DN4)[J]. Pain, 2005, 114(1-2): 29-36. DOI: 10.1016/j.pain.2004.12.010.
[199]	Freynhagen R, Baron R, Gockel U, et al. painDETECT: a new screening questionnaire to identify neuropathic components in patients with back pain[J]. Curr Med Res Opin, 2006, 22(10): 1911-1920. DOI: 10.1185/030079906X132488.
[200]	Bennett M. The LANSS Pain Scale: the Leeds assessment of neuropathic symptoms and signs[J]. Pain, 2001, 92(1-2): 147-157. DOI: 10.1016/s0304-3959(00)00482-6.
[201]	Haanpää M, Attal N, Backonja M, et al. NeuPSIG guidelines on neuropathic pain assessment[J]. Pain, 2011, 152(1): 14-27. DOI: 10.1016/j.pain.2010.07.031.
[202]	Backonja MM, Attal N, Baron R, et al. Value of quantitative sensory testing in neurological and pain disorders: NeuPSIG consensus[J]. Pain, 2013, 154(9): 1807-1819. DOI: 10.1016/j.pain.2013.05.047.
[203]	Rolke R, Baron R, Maier C, et al. Quantitative sensory testing in the German Research Network on Neuropathic Pain (DFNS): standardized protocol and reference values[J]. Pain, 2006, 123(3): 231-243. DOI: 10.1016/j.pain.2006.01.041.
[204]	Cruccu G, Sommer C, Anand P, et al. EFNS guidelines on neuropathic pain assessment: revised 2009[J]. Eur J Neurol, 2010, 17(8): 1010-1018. DOI: 10.1111/j.1468-1331.2010.02969.x.
[205]	Truini A, Cruccu G. How diagnostic tests help to disentangle the mechanisms underlying neuropathic pain symptoms in painful neuropathies[J]. Pain, 2016, 157 Suppl 1: S53-S59. DOI: 10.1097/j.pain.0000000000000367.
[206]	Lauria G, Hsieh ST, Johansson O, et al. European Federation of Neurological Societies/Peripheral Nerve Society Guideline on the use of skin biopsy in the diagnosis of small fiber neuropathy[J]. Eur J Neurol, 2010, 17(7): 903-912, e44-49. DOI: 10.1111/j.1468-1331.2010.03023.x.
